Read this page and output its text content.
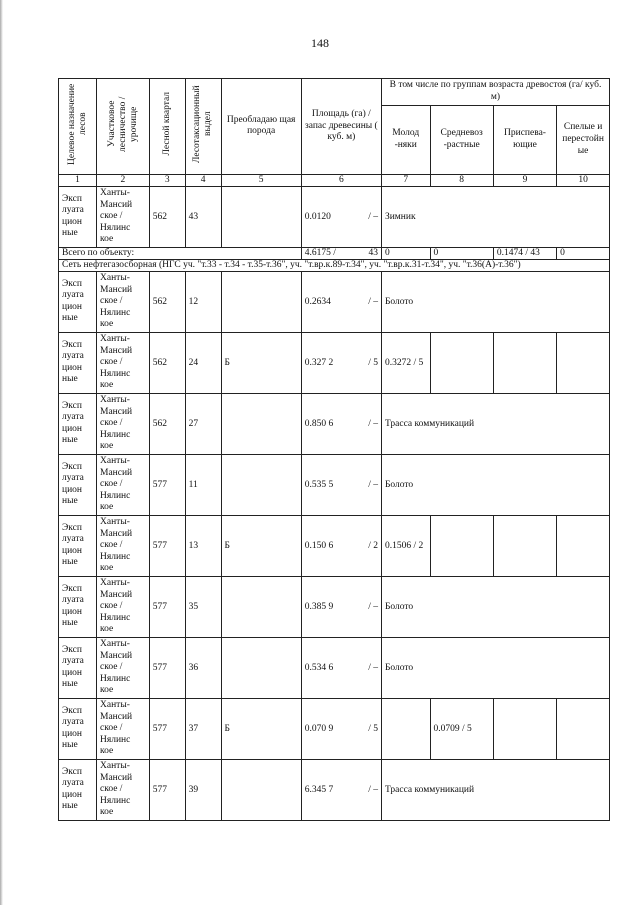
148
Целевое назначение лесов	Участковое лесничество / урочище	Лесной квартал	Лесотаксационный выдел	Преобладаю щая порода	Площадь (га) / запас древесины ( куб. м)	В том числе по группам возраста древостоя (га/ куб. м)			
						Молод -няки	Средневоз -растные	Приспева- ющие	Спелые и перестойн ые
1	2	3	4	5	6	7	8	9	10
Эксп луата цион ные	Ханты-Мансий ское / Нялинс кое	562	43		0.0120 / –	Зимник			
Всего по объекту:					4.6175 / 43	0	0	0.1474 / 43	0
Сеть нефтегазосборная (НГС уч. "т.33 - т.34 - т.35-т.36", уч. "т.вр.к.89-т.34", уч. "т.вр.к.31-т.34", уч. "т.36(А)-т.36")									
Эксп луата цион ные	Ханты-Мансий ское / Нялинс кое	562	12		0.2634 / –	Болото			
Эксп луата цион ные	Ханты-Мансий ское / Нялинс кое	562	24	Б	0.327 2 / 5	0.3272 / 5			
Эксп луата цион ные	Ханты-Мансий ское / Нялинс кое	562	27		0.850 6 / –	Трасса коммуникаций			
Эксп луата цион ные	Ханты-Мансий ское / Нялинс кое	577	11		0.535 5 / –	Болото			
Эксп луата цион ные	Ханты-Мансий ское / Нялинс кое	577	13	Б	0.150 6 / 2	0.1506 / 2			
Эксп луата цион ные	Ханты-Мансий ское / Нялинс кое	577	35		0.385 9 / –	Болото			
Эксп луата цион ные	Ханты-Мансий ское / Нялинс кое	577	36		0.534 6 / –	Болото			
Эксп луата цион ные	Ханты-Мансий ское / Нялинс кое	577	37	Б	0.070 9 / 5		0.0709 / 5		
Эксп луата цион ные	Ханты-Мансий ское / Нялинс кое	577	39		6.345 7 / –	Трасса коммуникаций			
